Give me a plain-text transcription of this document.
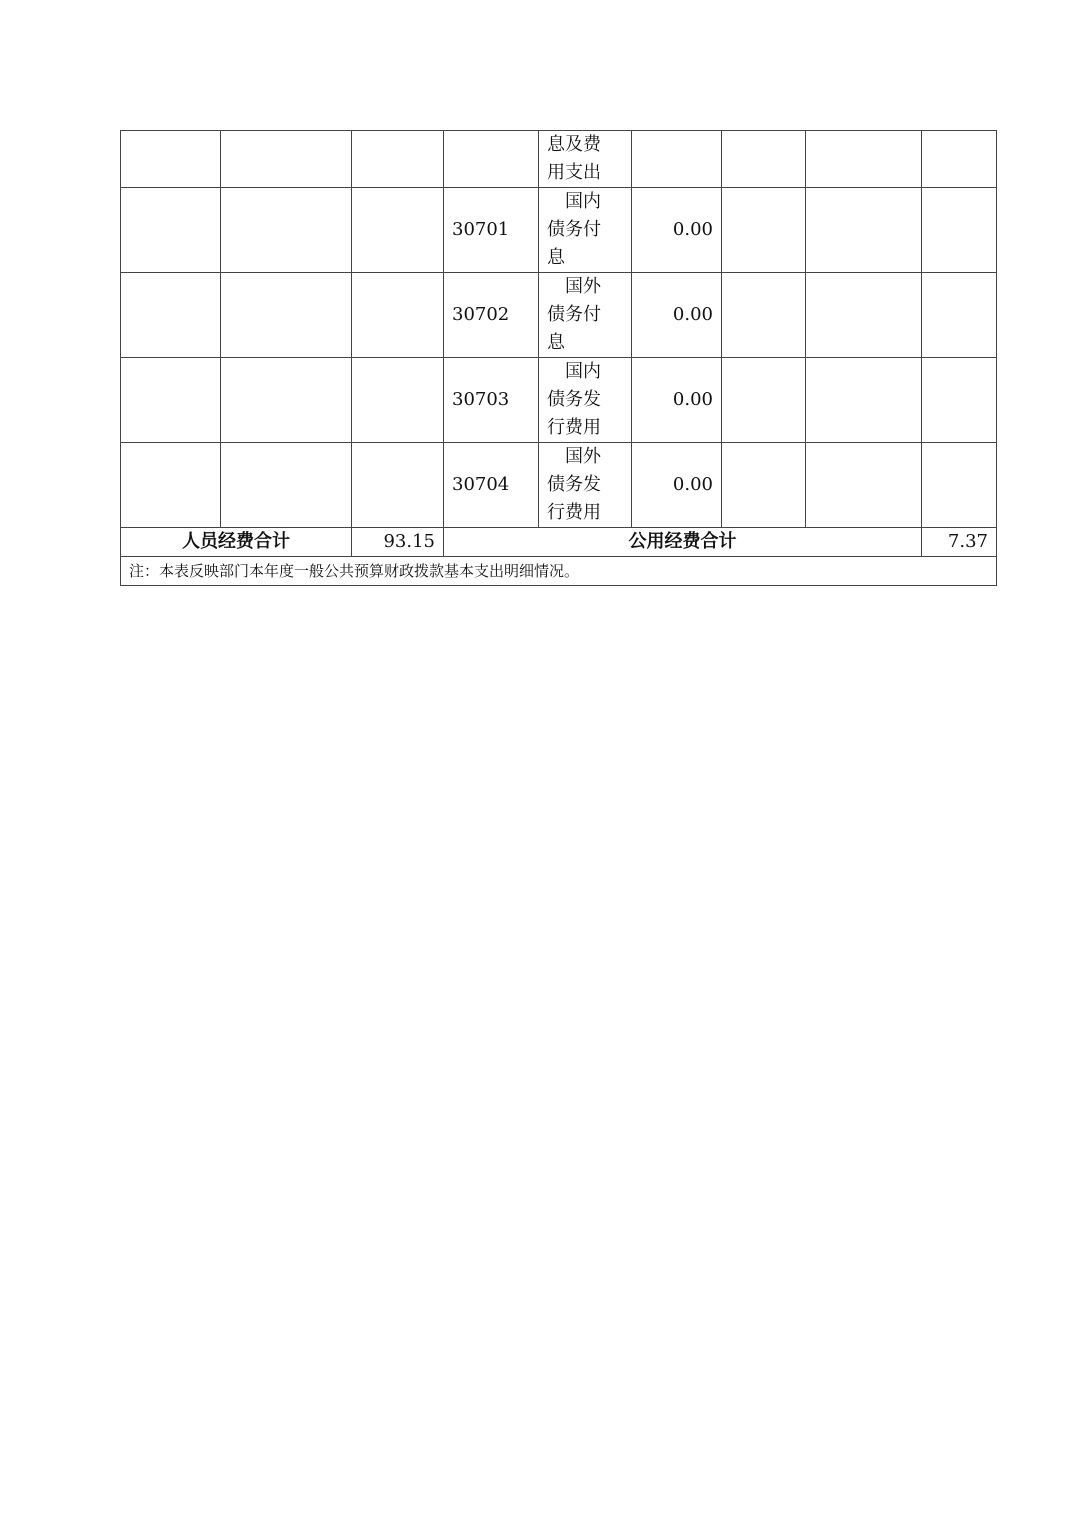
				息及费
用支出				

			30701	　国内
债务付
息	0.00			
			30702	　国外
债务付
息	0.00			
			30703	　国内
债务发
行费用	0.00			
			30704	　国外
债务发
行费用	0.00			
人员经费合计		93.15	公用经费合计					7.37
注：本表反映部门本年度一般公共预算财政拨款基本支出明细情况。								
